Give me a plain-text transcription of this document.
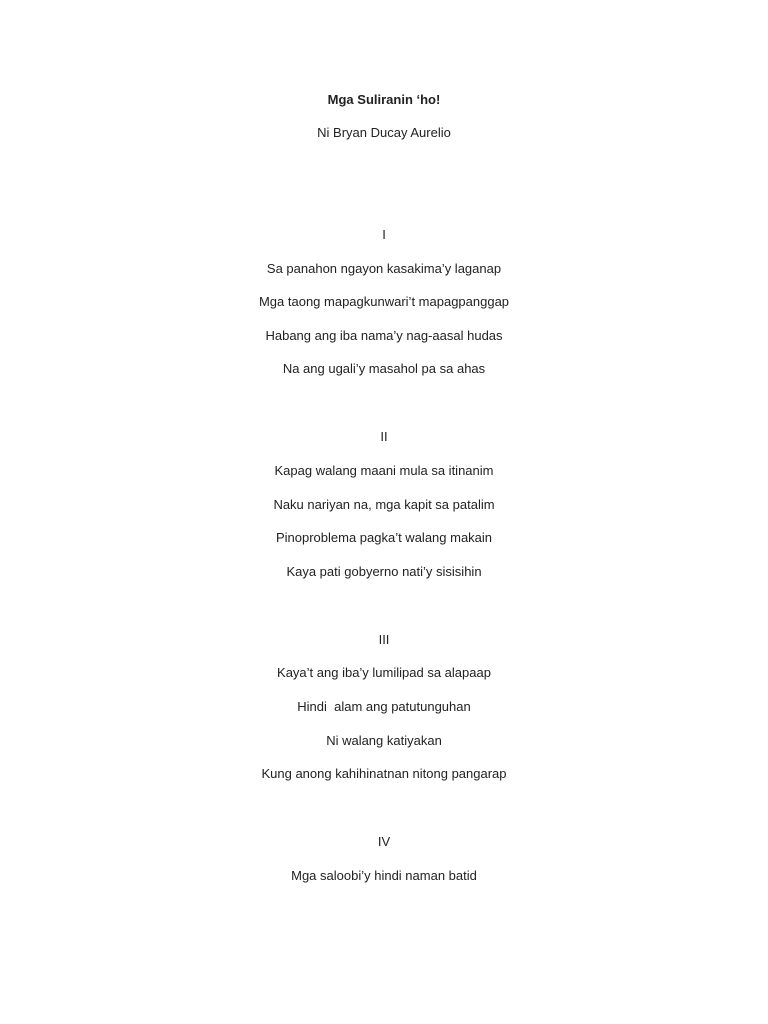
Mga Suliranin ‘ho!
Ni Bryan Ducay Aurelio
I
Sa panahon ngayon kasakima’y laganap
Mga taong mapagkunwari’t mapagpanggap
Habang ang iba nama’y nag-aasal hudas
Na ang ugali’y masahol pa sa ahas
II
Kapag walang maani mula sa itinanim
Naku nariyan na, mga kapit sa patalim
Pinoproblema pagka’t walang makain
Kaya pati gobyerno nati’y sisisihin
III
Kaya’t ang iba’y lumilipad sa alapaap
Hindi  alam ang patutunguhan
Ni walang katiyakan
Kung anong kahihinatnan nitong pangarap
IV
Mga saloobi’y hindi naman batid
